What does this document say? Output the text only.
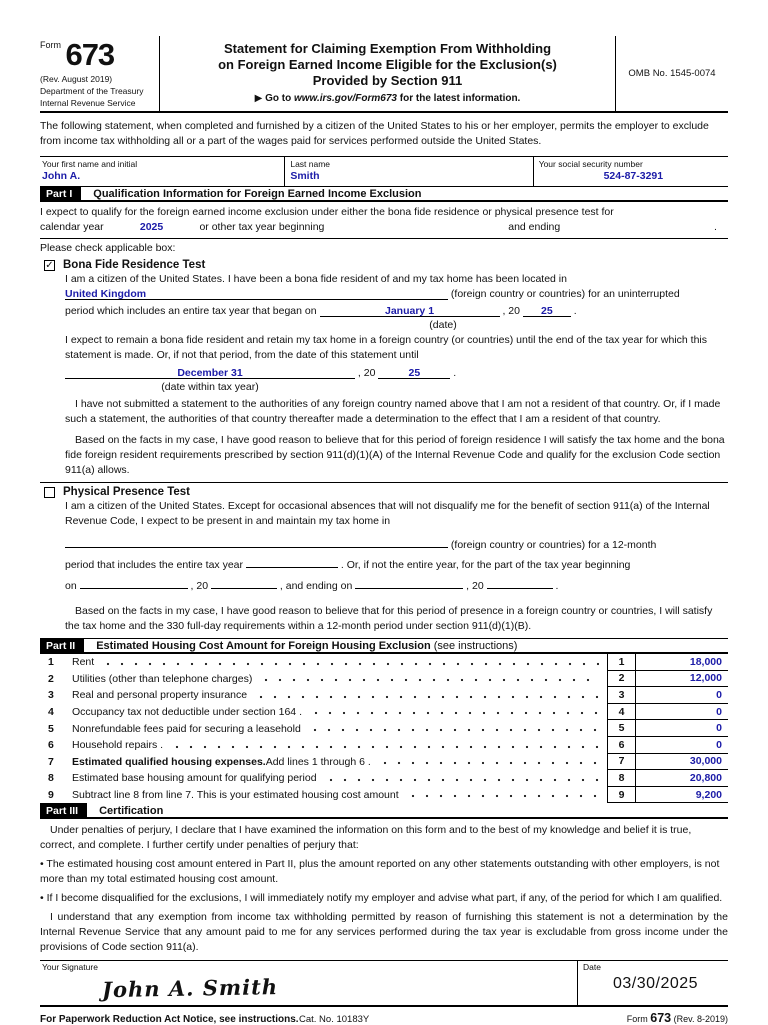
$^{Form}$ 673
(Rev. August 2019)
Department of the Treasury
Internal Revenue Service
Statement for Claiming Exemption From Withholding
on Foreign Earned Income Eligible for the Exclusion(s)
Provided by Section 911
▶ Go to www.irs.gov/Form673 for the latest information.
OMB No. 1545-0074
The following statement, when completed and furnished by a citizen of the United States to his or her employer, permits the employer to exclude from income tax withholding all or a part of the wages paid for services performed outside the United States.
Your first name and initial
John A.
Last name
Smith
Your social security number
524-87-3291
Part I	Qualification Information for Foreign Earned Income Exclusion
I expect to qualify for the foreign earned income exclusion under either the bona fide residence or physical presence test for
calendar year	2025	or other tax year beginning	and ending	.
Please check applicable box:
✓ Bona Fide Residence Test
I am a citizen of the United States. I have been a bona fide resident of and my tax home has been located in
United Kingdom	(foreign country or countries) for an uninterrupted
period which includes an entire tax year that began on	January 1	, 20 25 .
(date)
I expect to remain a bona fide resident and retain my tax home in a foreign country (or countries) until the end of the tax year for which this statement is made. Or, if not that period, from the date of this statement until
December 31	, 20	25	.
(date within tax year)
I have not submitted a statement to the authorities of any foreign country named above that I am not a resident of that country. Or, if I made such a statement, the authorities of that country thereafter made a determination to the effect that I am a resident of that country.
Based on the facts in my case, I have good reason to believe that for this period of foreign residence I will satisfy the tax home and the bona fide foreign resident requirements prescribed by section 911(d)(1)(A) of the Internal Revenue Code and qualify for the exclusion Code section 911(a) allows.
Physical Presence Test
I am a citizen of the United States. Except for occasional absences that will not disqualify me for the benefit of section 911(a) of the Internal Revenue Code, I expect to be present in and maintain my tax home in
(foreign country or countries) for a 12-month
period that includes the entire tax year	. Or, if not the entire year, for the part of the tax year beginning
on	, 20	, and ending on	, 20	.
Based on the facts in my case, I have good reason to believe that for this period of presence in a foreign country or countries, I will satisfy the tax home and the 330 full-day requirements within a 12-month period under section 911(d)(1)(B).
Part II	Estimated Housing Cost Amount for Foreign Housing Exclusion (see instructions)
1	Rent	1	18,000
2	Utilities (other than telephone charges)	2	12,000
3	Real and personal property insurance	3	0
4	Occupancy tax not deductible under section 164 .	4	0
5	Nonrefundable fees paid for securing a leasehold	5	0
6	Household repairs .	6	0
7	Estimated qualified housing expenses. Add lines 1 through 6 .	7	30,000
8	Estimated base housing amount for qualifying period	8	20,800
9	Subtract line 8 from line 7. This is your estimated housing cost amount	9	9,200
Part III	Certification

Under penalties of perjury, I declare that I have examined the information on this form and to the best of my knowledge and belief it is true, correct, and complete. I further certify under penalties of perjury that:

• The estimated housing cost amount entered in Part II, plus the amount reported on any other statements outstanding with other employers, is not more than my total estimated housing cost amount.

• If I become disqualified for the exclusions, I will immediately notify my employer and advise what part, if any, of the period for which I am qualified.

I understand that any exemption from income tax withholding permitted by reason of furnishing this statement is not a determination by the Internal Revenue Service that any amount paid to me for any services performed during the tax year is excludable from gross income under the provisions of Code section 911(a).

Your Signature
John A. Smith
Date
03/30/2025
For Paperwork Reduction Act Notice, see instructions. Cat. No. 10183Y	Form 673 (Rev. 8-2019)
